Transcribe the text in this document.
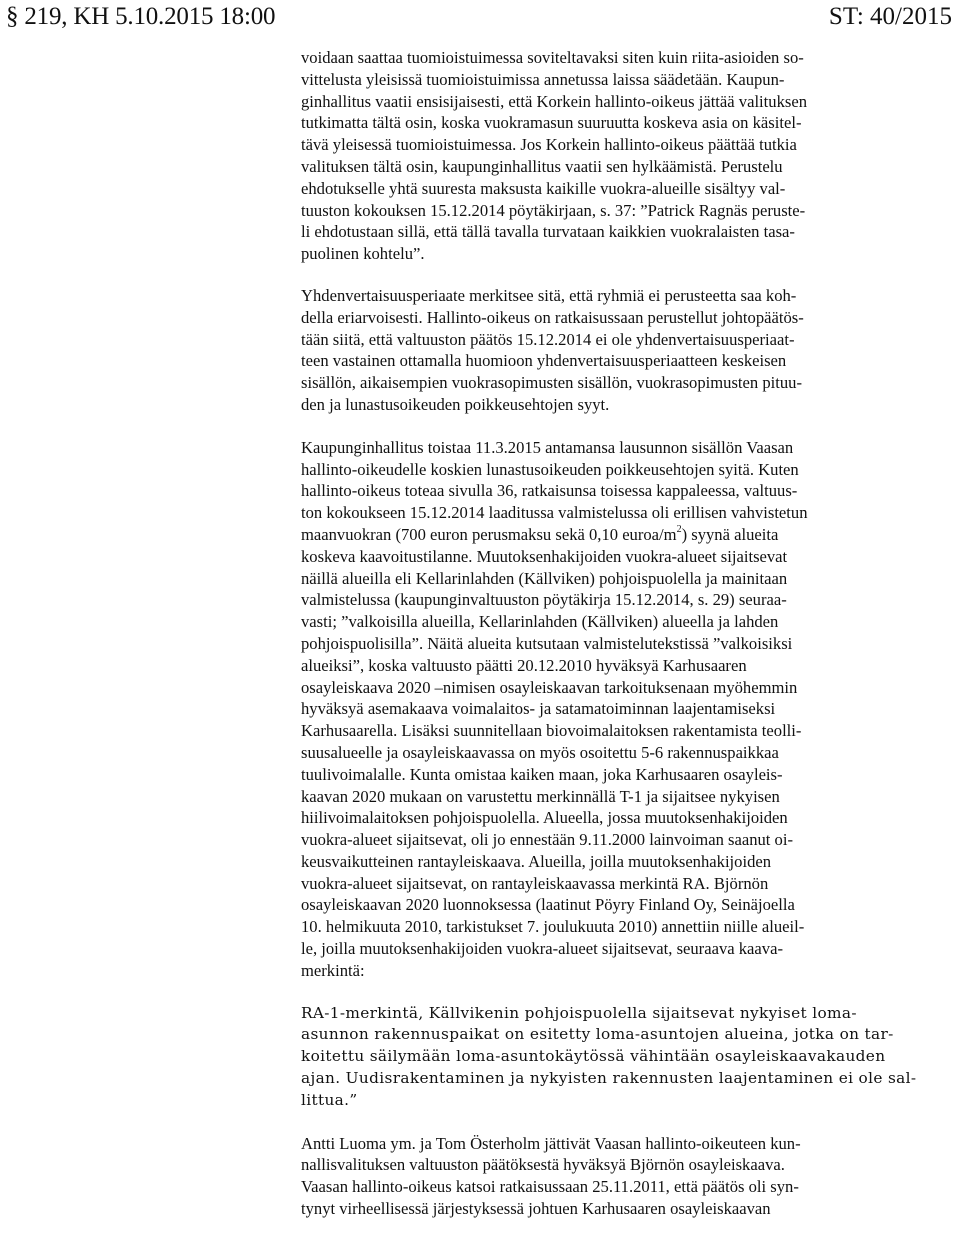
§ 219, KH 5.10.2015 18:00	ST: 40/2015

voidaan saattaa tuomioistuimessa soviteltavaksi siten kuin riita-asioiden so-
vittelusta yleisissä tuomioistuimissa annetussa laissa säädetään. Kaupun-
ginhallitus vaatii ensisijaisesti, että Korkein hallinto-oikeus jättää valituksen
tutkimatta tältä osin, koska vuokramasun suuruutta koskeva asia on käsitel-
tävä yleisessä tuomioistuimessa. Jos Korkein hallinto-oikeus päättää tutkia
valituksen tältä osin, kaupunginhallitus vaatii sen hylkäämistä. Perustelu
ehdotukselle yhtä suuresta maksusta kaikille vuokra-alueille sisältyy val-
tuuston kokouksen 15.12.2014 pöytäkirjaan, s. 37: ”Patrick Ragnäs peruste-
li ehdotustaan sillä, että tällä tavalla turvataan kaikkien vuokralaisten tasa-
puolinen kohtelu”.

Yhdenvertaisuusperiaate merkitsee sitä, että ryhmiä ei perusteetta saa koh-
della eriarvoisesti. Hallinto-oikeus on ratkaisussaan perustellut johtopäätös-
tään siitä, että valtuuston päätös 15.12.2014 ei ole yhdenvertaisuusperiaat-
teen vastainen ottamalla huomioon yhdenvertaisuusperiaatteen keskeisen
sisällön, aikaisempien vuokrasopimusten sisällön, vuokrasopimusten pituu-
den ja lunastusoikeuden poikkeusehtojen syyt.

Kaupunginhallitus toistaa 11.3.2015 antamansa lausunnon sisällön Vaasan
hallinto-oikeudelle koskien lunastusoikeuden poikkeusehtojen syitä. Kuten
hallinto-oikeus toteaa sivulla 36, ratkaisunsa toisessa kappaleessa, valtuus-
ton kokoukseen 15.12.2014 laaditussa valmistelussa oli erillisen vahvistetun
maanvuokran (700 euron perusmaksu sekä 0,10 euroa/$m^2$) syynä alueita
koskeva kaavoitustilanne. Muutoksenhakijoiden vuokra-alueet sijaitsevat
näillä alueilla eli Kellarinlahden (Källviken) pohjoispuolella ja mainitaan
valmistelussa (kaupunginvaltuuston pöytäkirja 15.12.2014, s. 29) seuraa-
vasti; ”valkoisilla alueilla, Kellarinlahden (Källviken) alueella ja lahden
pohjoispuolisilla”. Näitä alueita kutsutaan valmistelutekstissä ”valkoisiksi
alueiksi”, koska valtuusto päätti 20.12.2010 hyväksyä Karhusaaren
osayleiskaava 2020 –nimisen osayleiskaavan tarkoituksenaan myöhemmin
hyväksyä asemakaava voimalaitos- ja satamatoiminnan laajentamiseksi
Karhusaarella. Lisäksi suunnitellaan biovoimalaitoksen rakentamista teolli-
suusalueelle ja osayleiskaavassa on myös osoitettu 5-6 rakennuspaikkaa
tuulivoimalalle. Kunta omistaa kaiken maan, joka Karhusaaren osayleis-
kaavan 2020 mukaan on varustettu merkinnällä T-1 ja sijaitsee nykyisen
hiilivoimalaitoksen pohjoispuolella. Alueella, jossa muutoksenhakijoiden
vuokra-alueet sijaitsevat, oli jo ennestään 9.11.2000 lainvoiman saanut oi-
keusvaikutteinen rantayleiskaava. Alueilla, joilla muutoksenhakijoiden
vuokra-alueet sijaitsevat, on rantayleiskaavassa merkintä RA. Björnön
osayleiskaavan 2020 luonnoksessa (laatinut Pöyry Finland Oy, Seinäjoella
10. helmikuuta 2010, tarkistukset 7. joulukuuta 2010) annettiin niille alueil-
le, joilla muutoksenhakijoiden vuokra-alueet sijaitsevat, seuraava kaava-
merkintä:

RA-1-merkintä, Källvikenin pohjoispuolella sijaitsevat nykyiset loma-
asunnon rakennuspaikat on esitetty loma-asuntojen alueina, jotka on tar-
koitettu säilymään loma-asuntokäytössä vähintään osayleiskaavakauden
ajan. Uudisrakentaminen ja nykyisten rakennusten laajentaminen ei ole sal-
littua.”

Antti Luoma ym. ja Tom Österholm jättivät Vaasan hallinto-oikeuteen kun-
nallisvalituksen valtuuston päätöksestä hyväksyä Björnön osayleiskaava.
Vaasan hallinto-oikeus katsoi ratkaisussaan 25.11.2011, että päätös oli syn-
tynyt virheellisessä järjestyksessä johtuen Karhusaaren osayleiskaavan
